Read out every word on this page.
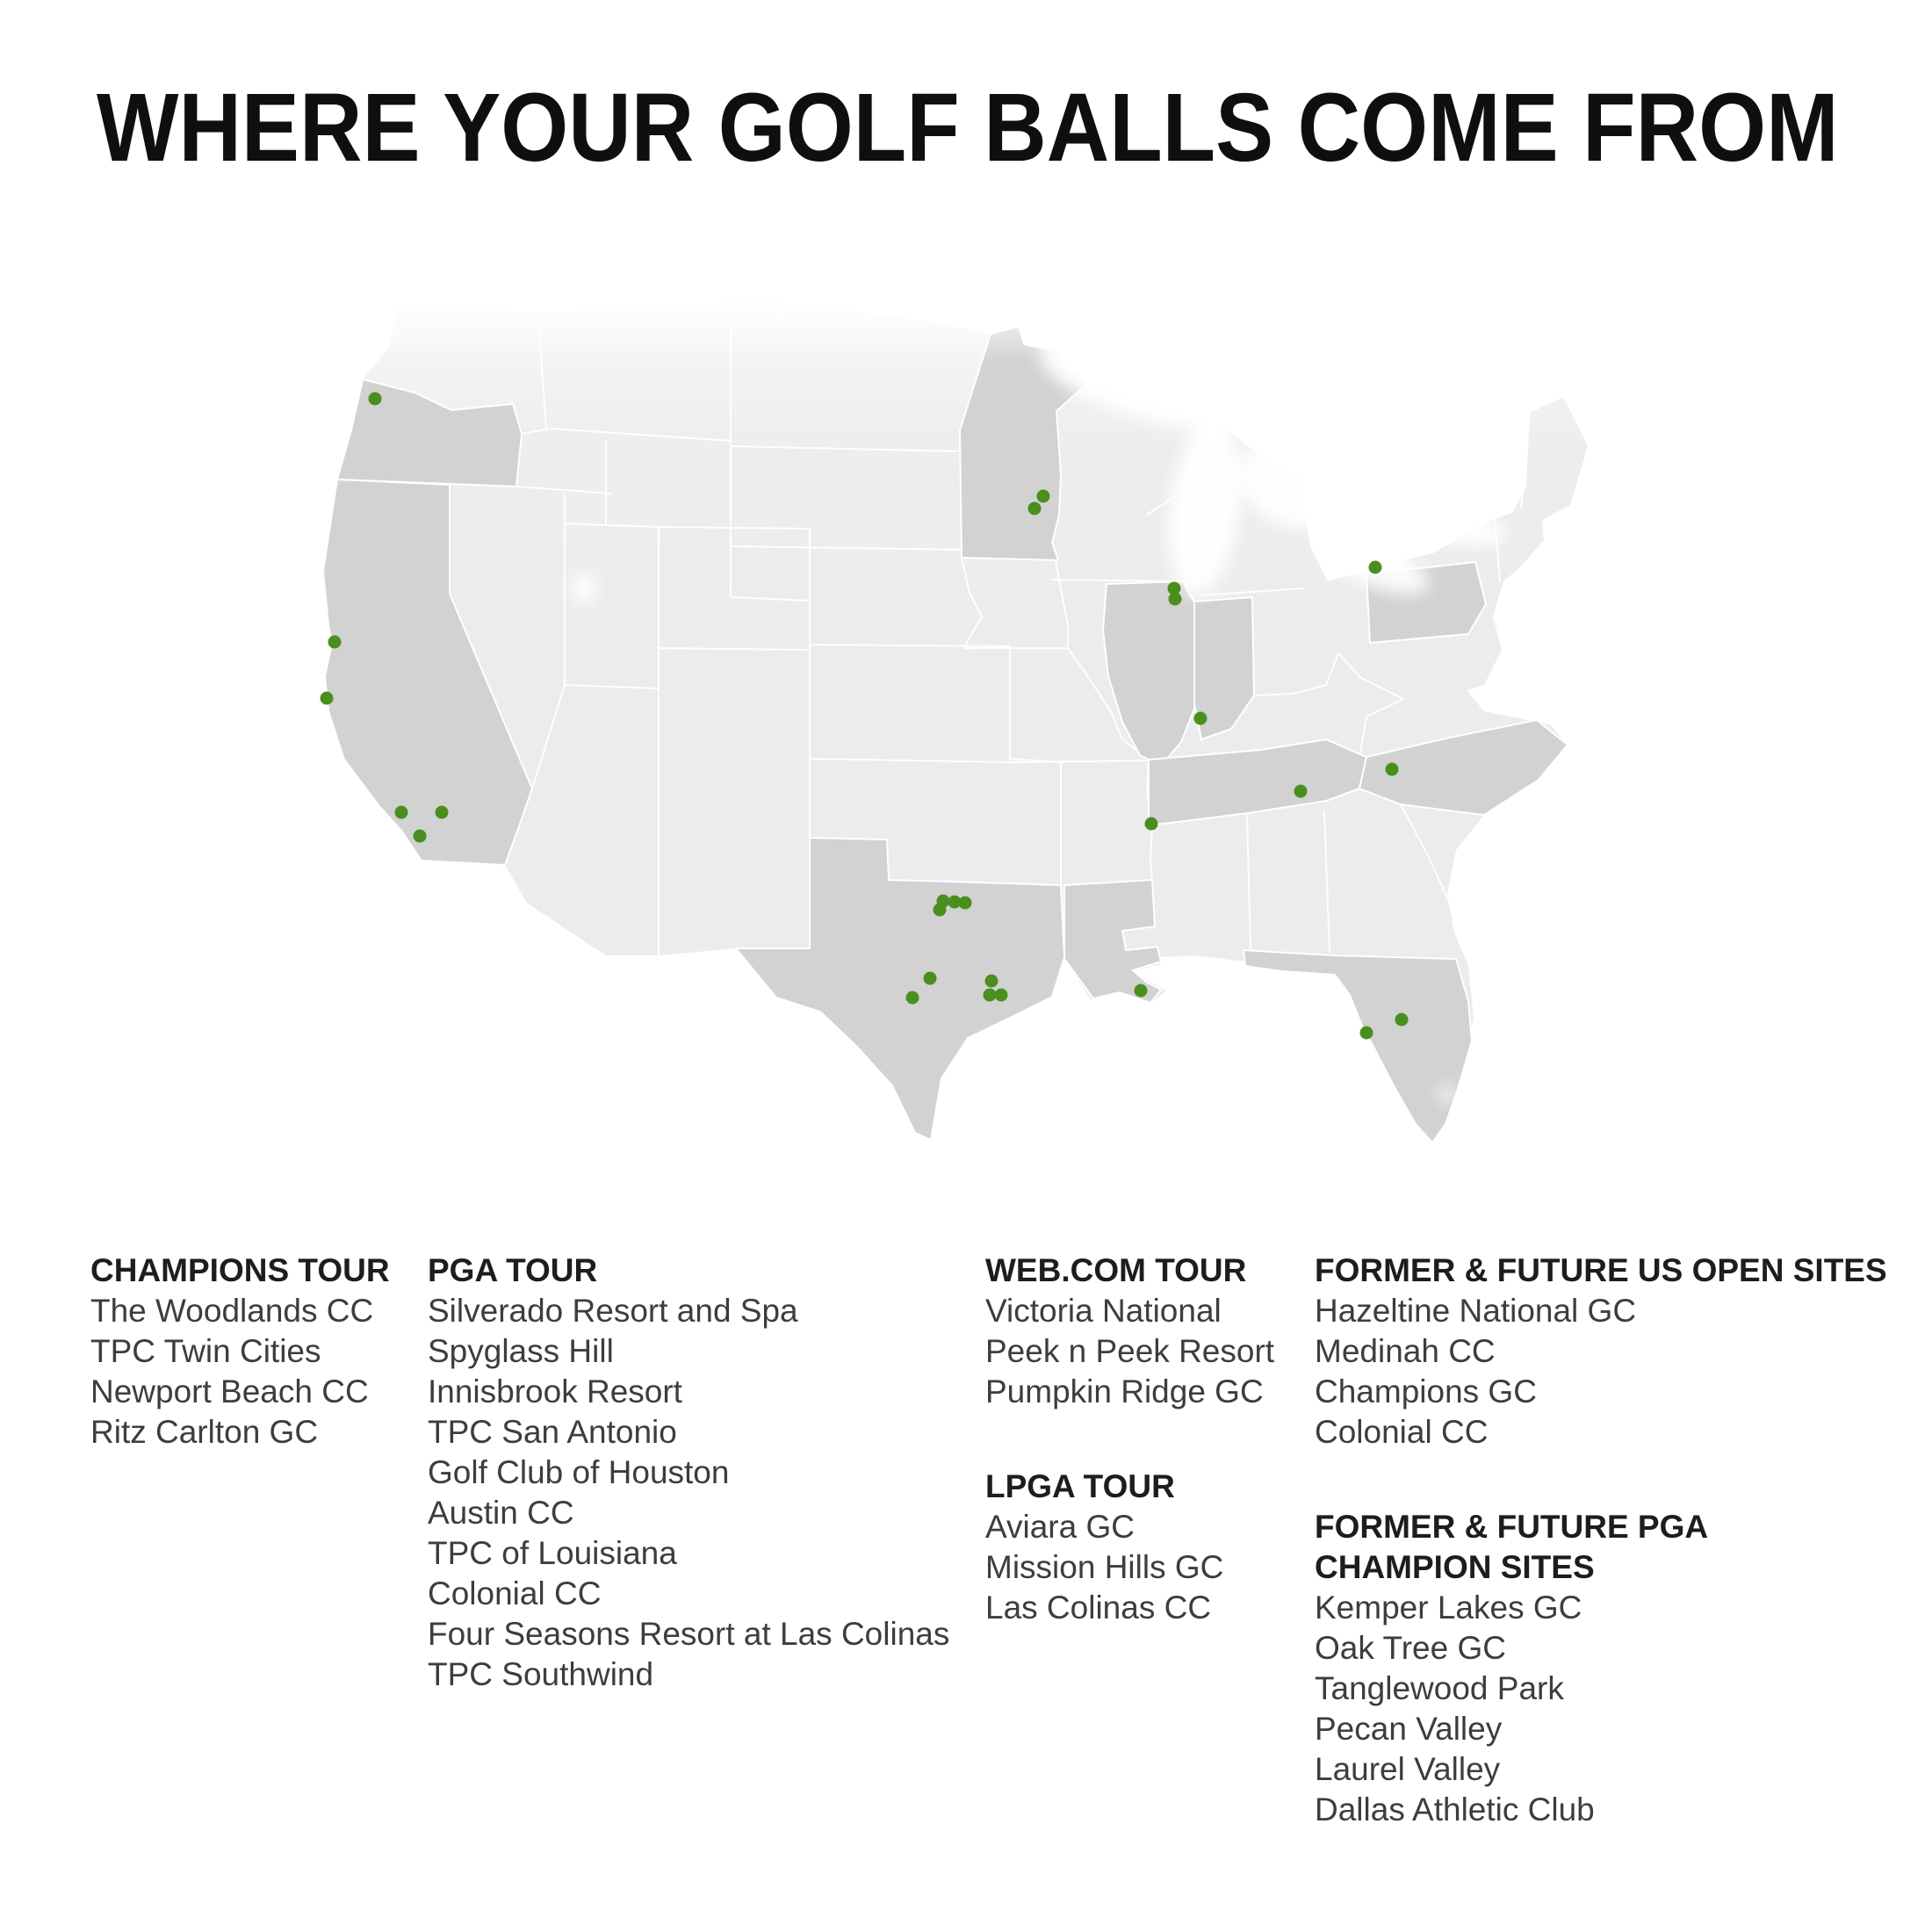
WHERE YOUR GOLF BALLS COME FROM
CHAMPIONS TOUR
The Woodlands CC
TPC Twin Cities
Newport Beach CC
Ritz Carlton GC
PGA TOUR
Silverado Resort and Spa
Spyglass Hill
Innisbrook Resort
TPC San Antonio
Golf Club of Houston
Austin CC
TPC of Louisiana
Colonial CC
Four Seasons Resort at Las Colinas
TPC Southwind
WEB.COM TOUR
Victoria National
Peek n Peek Resort
Pumpkin Ridge GC
LPGA TOUR
Aviara GC
Mission Hills GC
Las Colinas CC
FORMER & FUTURE US OPEN SITES
Hazeltine National GC
Medinah CC
Champions GC
Colonial CC
FORMER & FUTURE PGA
CHAMPION SITES
Kemper Lakes GC
Oak Tree GC
Tanglewood Park
Pecan Valley
Laurel Valley
Dallas Athletic Club
